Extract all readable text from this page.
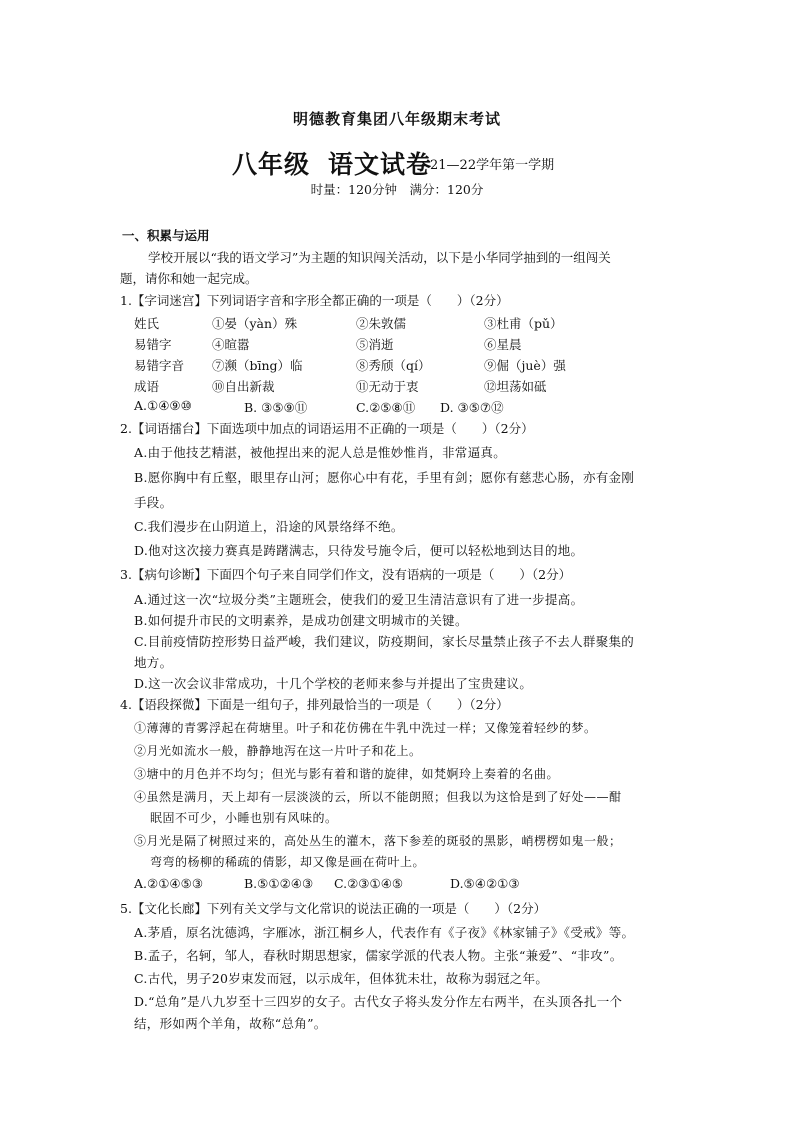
明德教育集团八年级期末考试
八年级 语文试卷
21—22学年第一学期
时量：120分钟　满分：120分
一、积累与运用
学校开展以“我的语文学习”为主题的知识闯关活动，以下是小华同学抽到的一组闯关
题，请你和她一起完成。
1.【字词迷宫】下列词语字音和字形全都正确的一项是（　　）（2分）
姓氏	①晏（yàn）殊	②朱敦儒	③杜甫（pǔ）
易错字	④暄嚣	⑤消逝	⑥星晨
易错字音 ⑦濒（bīng）临	⑧秀颀（qí）	⑨倔（juè）强
成语	⑩自出新裁	⑪无动于衷	⑫坦荡如砥
A.①④⑨⑩	B. ③⑤⑨⑪	C.②⑤⑧⑪ D. ③⑤⑦⑫
2.【词语擂台】下面选项中加点的词语运用不正确的一项是（　　）（2分）
A.由于他技艺精湛，被他捏出来的泥人总是惟妙惟肖，非常逼真。
B.愿你胸中有丘壑，眼里存山河；愿你心中有花，手里有剑；愿你有慈悲心肠，亦有金刚
手段。
C.我们漫步在山阴道上，沿途的风景络绎不绝。
D.他对这次接力赛真是踌躇满志，只待发号施令后，便可以轻松地到达目的地。
3.【病句诊断】下面四个句子来自同学们作文，没有语病的一项是（　　）（2分）
A.通过这一次“垃圾分类”主题班会，使我们的爱卫生清洁意识有了进一步提高。
B.如何提升市民的文明素养，是成功创建文明城市的关键。
C.目前疫情防控形势日益严峻，我们建议，防疫期间，家长尽量禁止孩子不去人群聚集的
地方。
D.这一次会议非常成功，十几个学校的老师来参与并提出了宝贵建议。
4.【语段探微】下面是一组句子，排列最恰当的一项是（　　）（2分）
①薄薄的青雾浮起在荷塘里。叶子和花仿佛在牛乳中洗过一样；又像笼着轻纱的梦。
②月光如流水一般，静静地泻在这一片叶子和花上。
③塘中的月色并不均匀；但光与影有着和谐的旋律，如梵婀玲上奏着的名曲。
④虽然是满月，天上却有一层淡淡的云，所以不能朗照；但我以为这恰是到了好处——酣
眠固不可少，小睡也别有风味的。
⑤月光是隔了树照过来的，高处丛生的灌木，落下参差的斑驳的黑影，峭楞楞如鬼一般；
弯弯的杨柳的稀疏的倩影，却又像是画在荷叶上。
A.②①④⑤③	B.⑤①②④③ C.②③①④⑤	D.⑤④②①③
5.【文化长廊】下列有关文学与文化常识的说法正确的一项是（　　）（2分）
A.茅盾，原名沈德鸿，字雁冰，浙江桐乡人，代表作有《子夜》《林家铺子》《受戒》等。
B.孟子，名轲，邹人，春秋时期思想家，儒家学派的代表人物。主张“兼爱”、“非攻”。
C.古代，男子20岁束发而冠，以示成年，但体犹未壮，故称为弱冠之年。
D.“总角”是八九岁至十三四岁的女子。古代女子将头发分作左右两半，在头顶各扎一个
结，形如两个羊角，故称“总角”。
